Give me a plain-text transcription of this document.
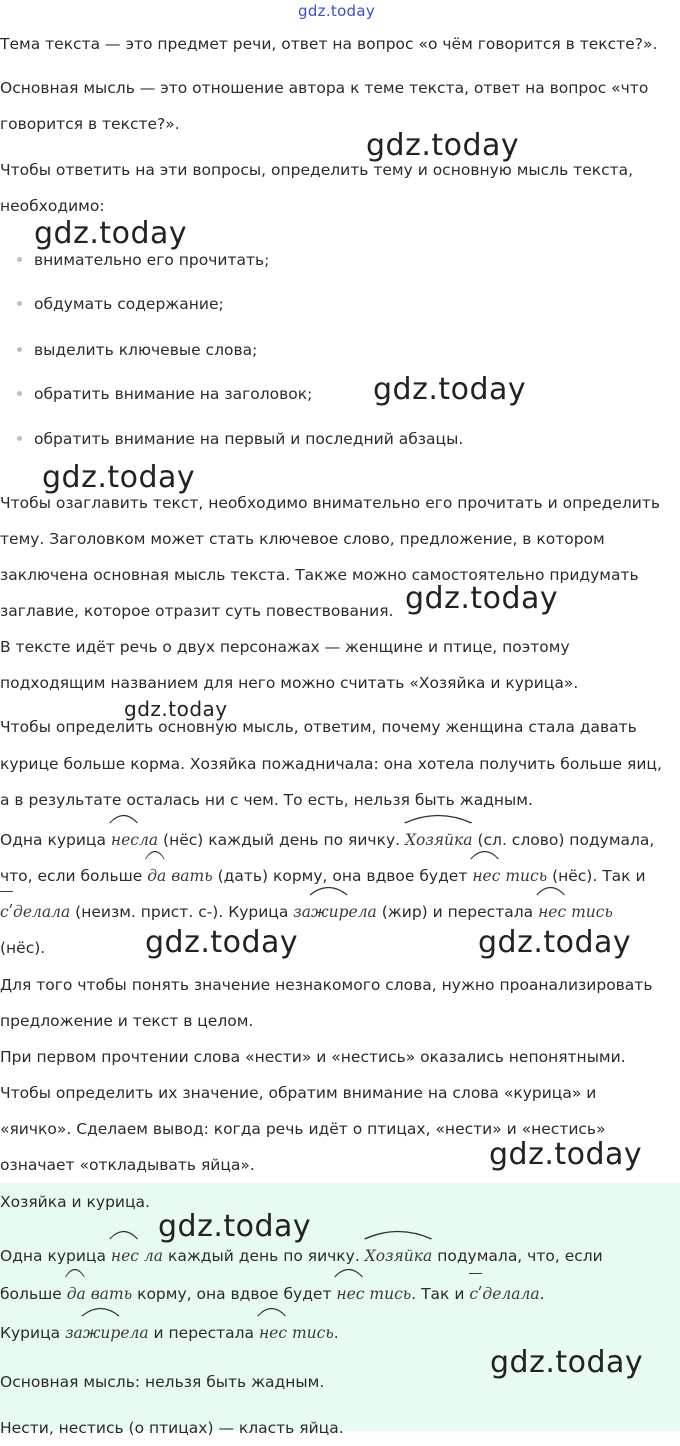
gdz.today
Тема текста — это предмет речи, ответ на вопрос «о чём говорится в тексте?».
Основная мысль — это отношение автора к теме текста, ответ на вопрос «что
говорится в тексте?».
Чтобы ответить на эти вопросы, определить тему и основную мысль текста,
необходимо:
внимательно его прочитать;
обдумать содержание;
выделить ключевые слова;
обратить внимание на заголовок;
обратить внимание на первый и последний абзацы.
Чтобы озаглавить текст, необходимо внимательно его прочитать и определить
тему. Заголовком может стать ключевое слово, предложение, в котором
заключена основная мысль текста. Также можно самостоятельно придумать
заглавие, которое отразит суть повествования.
В тексте идёт речь о двух персонажах — женщине и птице, поэтому
подходящим названием для него можно считать «Хозяйка и курица».
Чтобы определить основную мысль, ответим, почему женщина стала давать
курице больше корма. Хозяйка пожадничала: она хотела получить больше яиц,
а в результате осталась ни с чем. То есть, нельзя быть жадным.
Одна курица
несла (нёс) каждый день по яичку.
Хозяйка (сл. слово) подумала,
что, если больше
да вать (дать) корму, она вдвое будет
нес тись (нёс). Так и
сʹделала (неизм. прист. с-). Курица за
жирела (жир) и перестала
нес тись
(нёс).
Для того чтобы понять значение незнакомого слова, нужно проанализировать
предложение и текст в целом.
При первом прочтении слова «нести» и «нестись» оказались непонятными.
Чтобы определить их значение, обратим внимание на слова «курица» и
«яичко». Сделаем вывод: когда речь идёт о птицах, «нести» и «нестись»
означает «откладывать яйца».
Хозяйка и курица.
Одна курица
нес ла каждый день по яичку.
Хозяйка подумала, что, если
больше
да вать корму, она вдвое будет
нес тись. Так и
сʹделала.
Курица за
жирела и перестала
нес тись.
Основная мысль: нельзя быть жадным.
Нести, нестись (о птицах) — класть яйца.
gdz.today
gdz.today
gdz.today
gdz.today
gdz.today
gdz.today
gdz.today	gdz.today
gdz.today
gdz.today
gdz.today
